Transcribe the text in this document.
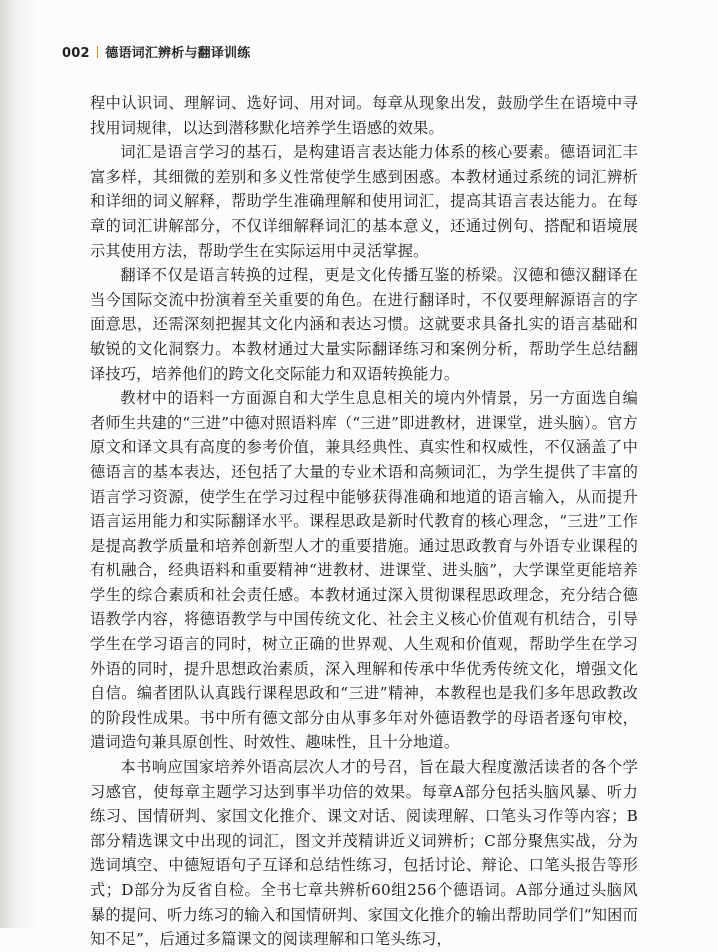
002 德语词汇辨析与翻译训练

程中认识词、理解词、选好词、用对词。每章从现象出发，鼓励学生在语境中寻找用词规律，以达到潜移默化培养学生语感的效果。

词汇是语言学习的基石，是构建语言表达能力体系的核心要素。德语词汇丰富多样，其细微的差别和多义性常使学生感到困惑。本教材通过系统的词汇辨析和详细的词义解释，帮助学生准确理解和使用词汇，提高其语言表达能力。在每章的词汇讲解部分，不仅详细解释词汇的基本意义，还通过例句、搭配和语境展示其使用方法，帮助学生在实际运用中灵活掌握。

翻译不仅是语言转换的过程，更是文化传播互鉴的桥梁。汉德和德汉翻译在当今国际交流中扮演着至关重要的角色。在进行翻译时，不仅要理解源语言的字面意思，还需深刻把握其文化内涵和表达习惯。这就要求具备扎实的语言基础和敏锐的文化洞察力。本教材通过大量实际翻译练习和案例分析，帮助学生总结翻译技巧，培养他们的跨文化交际能力和双语转换能力。

教材中的语料一方面源自和大学生息息相关的境内外情景，另一方面选自编者师生共建的“三进”中德对照语料库（“三进”即进教材，进课堂，进头脑）。官方原文和译文具有高度的参考价值，兼具经典性、真实性和权威性，不仅涵盖了中德语言的基本表达，还包括了大量的专业术语和高频词汇，为学生提供了丰富的语言学习资源，使学生在学习过程中能够获得准确和地道的语言输入，从而提升语言运用能力和实际翻译水平。课程思政是新时代教育的核心理念，“三进”工作是提高教学质量和培养创新型人才的重要措施。通过思政教育与外语专业课程的有机融合，经典语料和重要精神“进教材、进课堂、进头脑”，大学课堂更能培养学生的综合素质和社会责任感。本教材通过深入贯彻课程思政理念，充分结合德语教学内容，将德语教学与中国传统文化、社会主义核心价值观有机结合，引导学生在学习语言的同时，树立正确的世界观、人生观和价值观，帮助学生在学习外语的同时，提升思想政治素质，深入理解和传承中华优秀传统文化，增强文化自信。编者团队认真践行课程思政和“三进”精神，本教程也是我们多年思政教改的阶段性成果。书中所有德文部分由从事多年对外德语教学的母语者逐句审校，遣词造句兼具原创性、时效性、趣味性，且十分地道。

本书响应国家培养外语高层次人才的号召，旨在最大程度激活读者的各个学习感官，使每章主题学习达到事半功倍的效果。每章A部分包括头脑风暴、听力练习、国情研判、家国文化推介、课文对话、阅读理解、口笔头习作等内容；B部分精选课文中出现的词汇，图文并茂精讲近义词辨析；C部分聚焦实战，分为选词填空、中德短语句子互译和总结性练习，包括讨论、辩论、口笔头报告等形式；D部分为反省自检。全书七章共辨析60组256个德语词。A部分通过头脑风暴的提问、听力练习的输入和国情研判、家国文化推介的输出帮助同学们“知困而知不足”，后通过多篇课文的阅读理解和口笔头练习，
